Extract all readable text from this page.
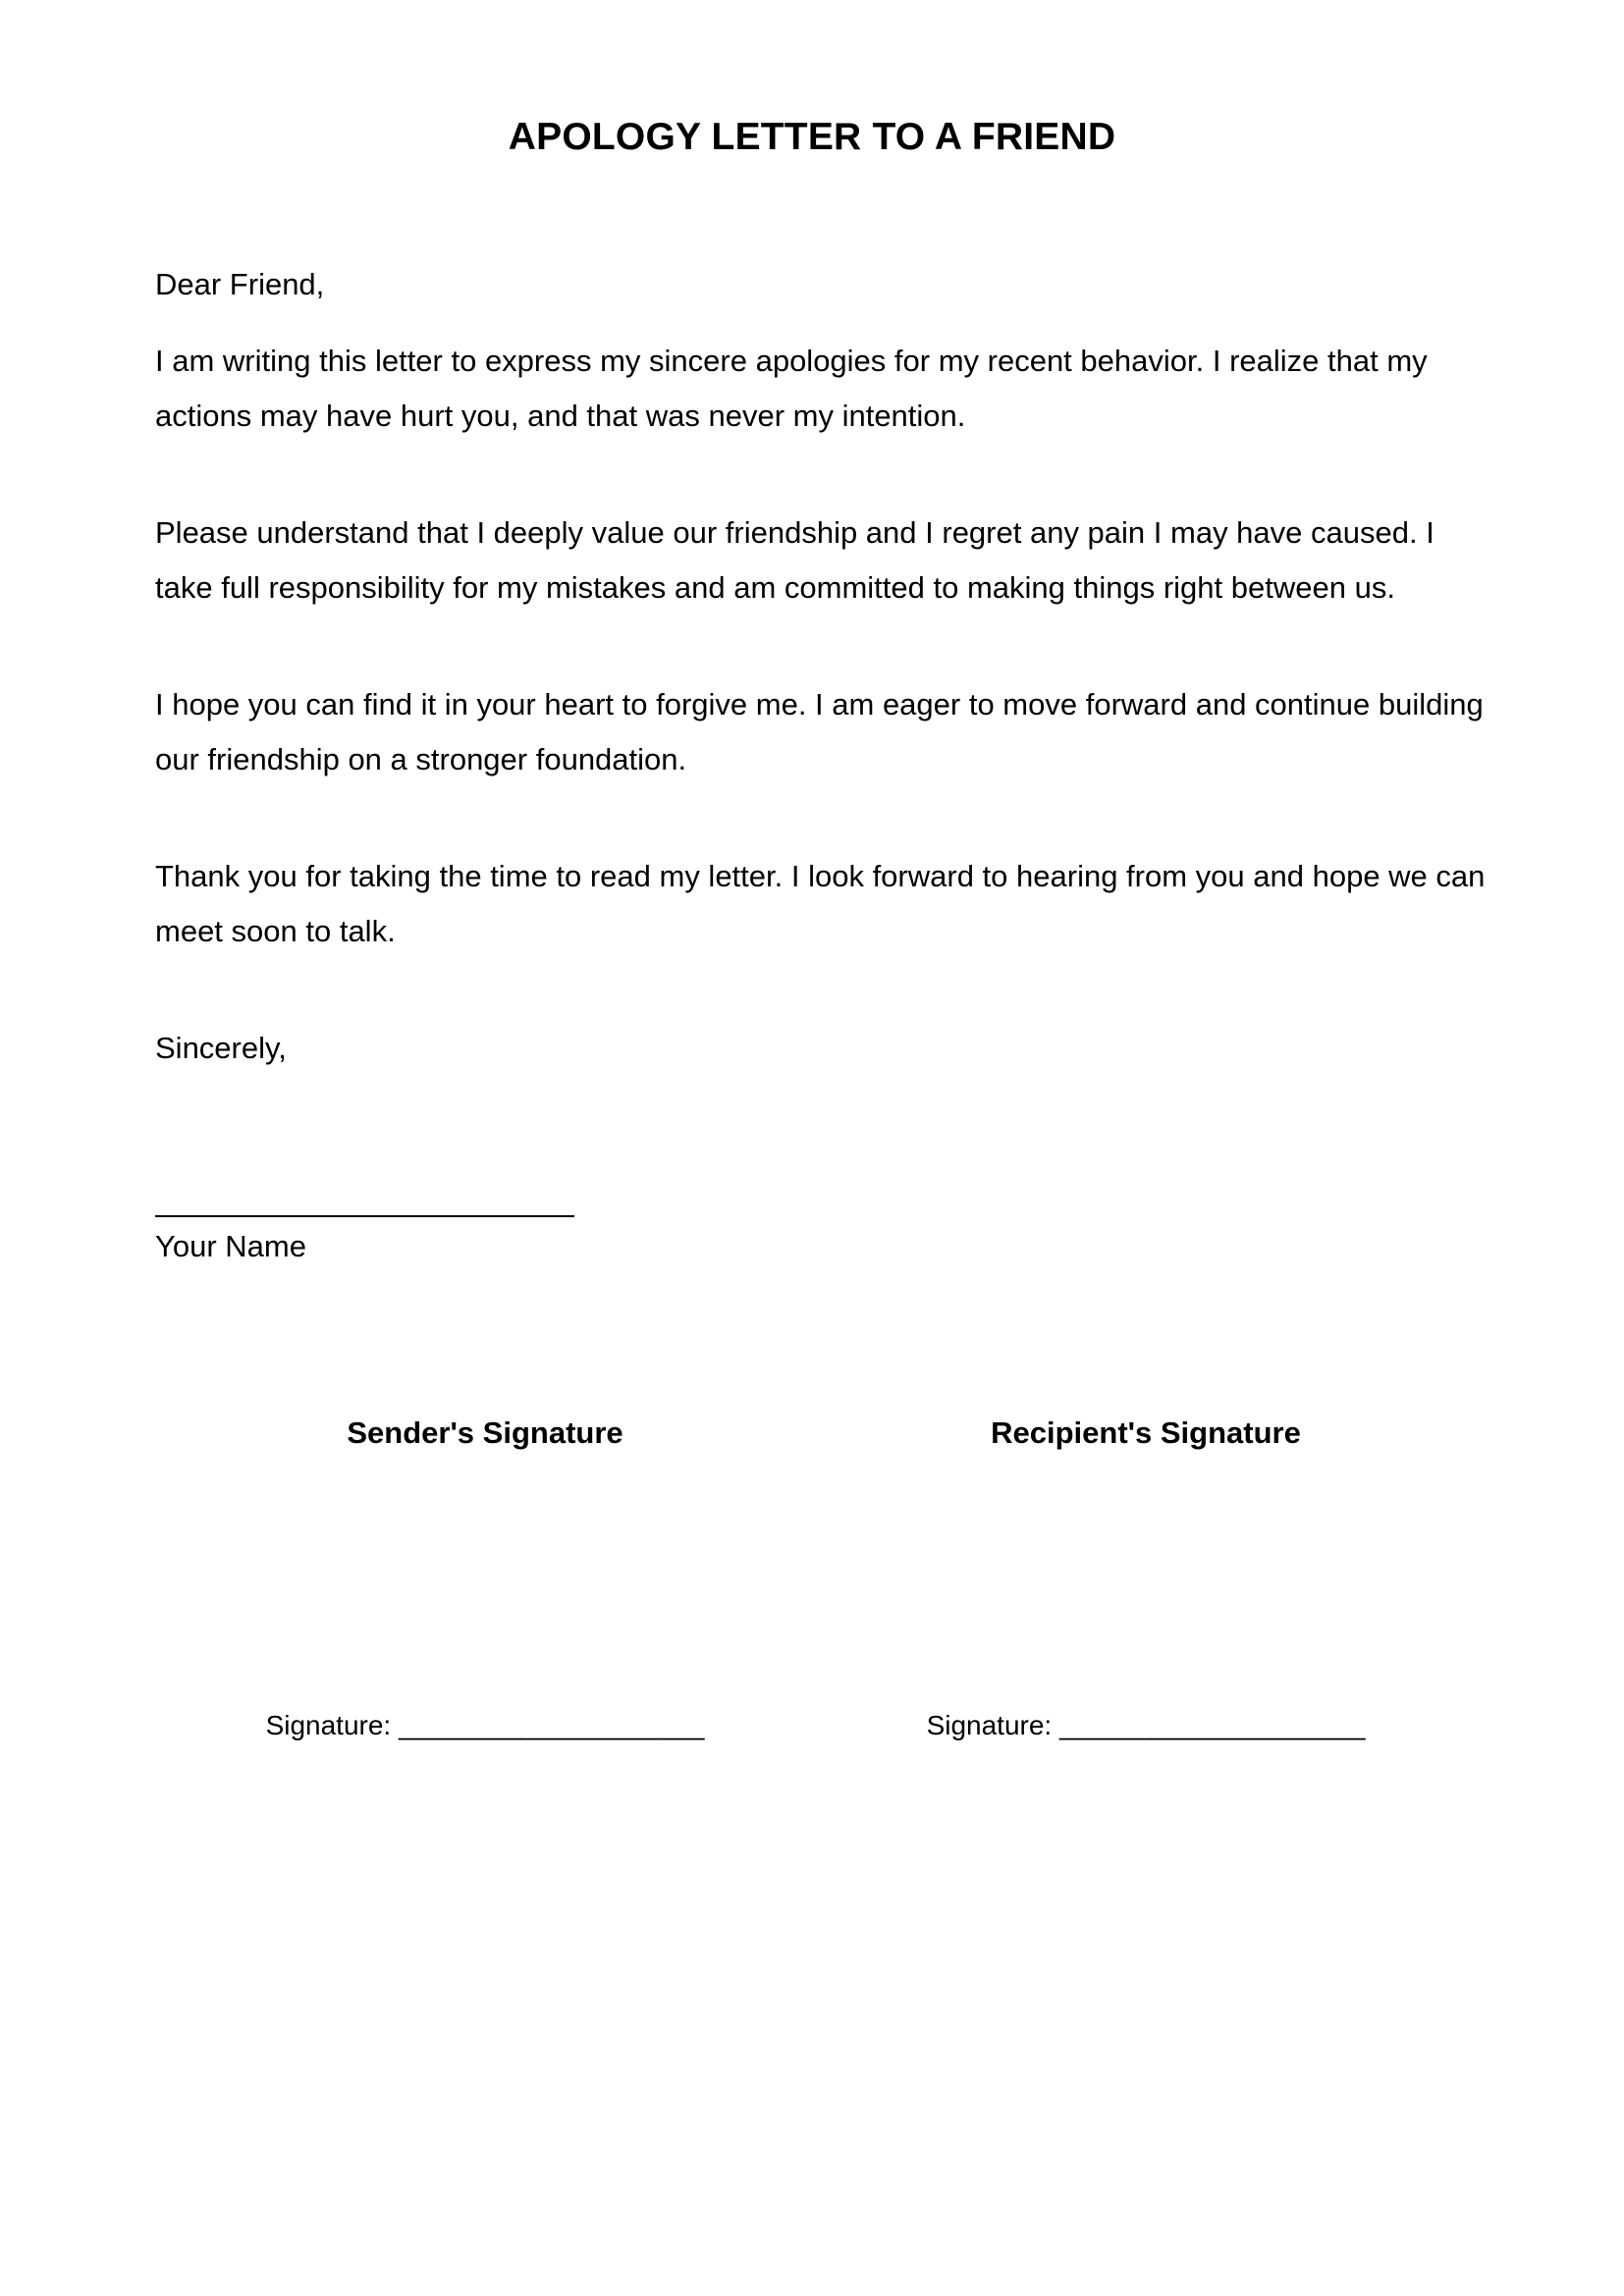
APOLOGY LETTER TO A FRIEND

Dear Friend,

I am writing this letter to express my sincere apologies for my recent behavior. I realize that my actions may have hurt you, and that was never my intention.

Please understand that I deeply value our friendship and I regret any pain I may have caused. I take full responsibility for my mistakes and am committed to making things right between us.

I hope you can find it in your heart to forgive me. I am eager to move forward and continue building our friendship on a stronger foundation.

Thank you for taking the time to read my letter. I look forward to hearing from you and hope we can meet soon to talk.

Sincerely,

Your Name

Sender's Signature

Signature: ____________________

Recipient's Signature

Signature: ____________________
